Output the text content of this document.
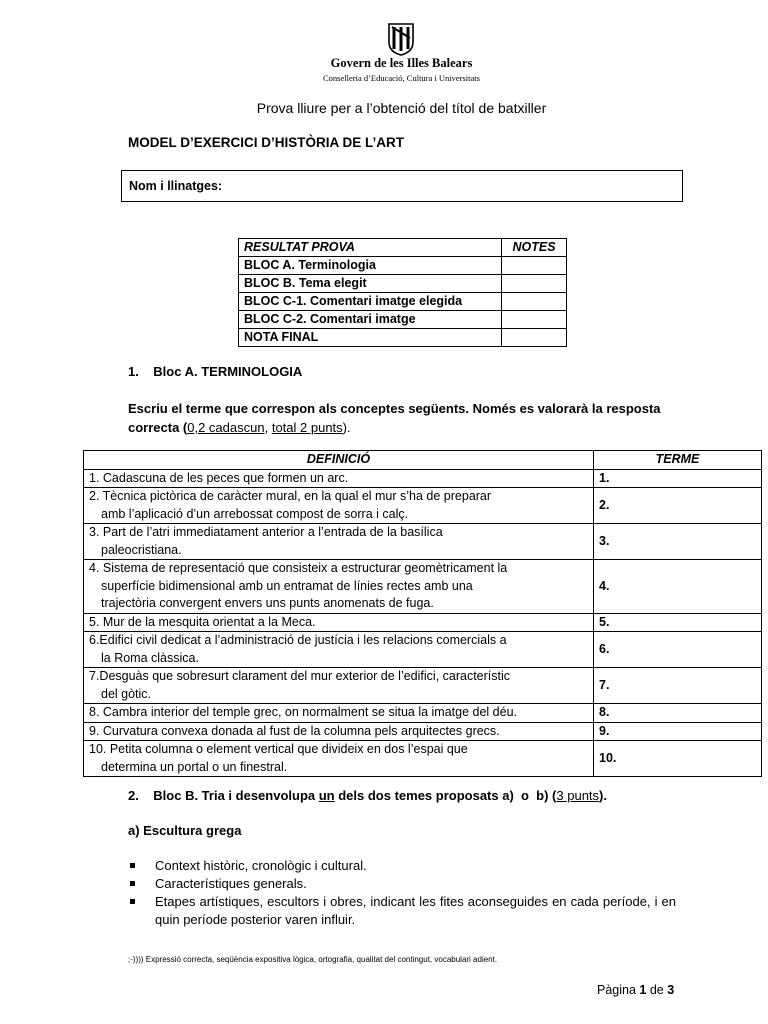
Govern de les Illes Balears
Conselleria d’Educació, Cultura i Universitats
Prova lliure per a l’obtenció del títol de batxiller
MODEL D’EXERCICI D’HISTÒRIA DE L’ART
Nom i llinatges:
RESULTAT PROVA	NOTES
BLOC A. Terminologia	
BLOC B. Tema elegit	
BLOC C-1. Comentari imatge elegida	
BLOC C-2. Comentari imatge	
NOTA FINAL	
1.    Bloc A. TERMINOLOGIA
Escriu el terme que correspon als conceptes següents. Només es valorarà la resposta correcta (0,2 cadascun, total 2 punts).
DEFINICIÓ	TERME
1. Cadascuna de les peces que formen un arc.	1.
2. Tècnica pictòrica de caràcter mural, en la qual el mur s’ha de preparar
amb l’aplicació d’un arrebossat compost de sorra i calç.	2.
3. Part de l’atri immediatament anterior a l’entrada de la basílica
paleocristiana.	3.
4. Sistema de representació que consisteix a estructurar geomètricament la
superfície bidimensional amb un entramat de línies rectes amb una
trajectòria convergent envers uns punts anomenats de fuga.	4.
5. Mur de la mesquita orientat a la Meca.	5.
6.Edifici civil dedicat a l’administració de justícia i les relacions comercials a
la Roma clàssica.	6.
7.Desguàs que sobresurt clarament del mur exterior de l’edifici, característic
del gòtic.	7.
8. Cambra interior del temple grec, on normalment se situa la imatge del déu.	8.
9. Curvatura convexa donada al fust de la columna pels arquitectes grecs.	9.
10. Petita columna o element vertical que divideix en dos l’espai que
determina un portal o un finestral.	10.
2.    Bloc B. Tria i desenvolupa un dels dos temes proposats a)  o  b) (3 punts).
a) Escultura grega
Context històric, cronològic i cultural.
Característiques generals.
Etapes artístiques, escultors i obres, indicant les fites aconseguides en cada període, i en quin període posterior varen influir.
;-)))) Expressió correcta, seqüència expositiva lògica, ortografia, qualitat del contingut, vocabulari adient.
Pàgina 1 de 3
